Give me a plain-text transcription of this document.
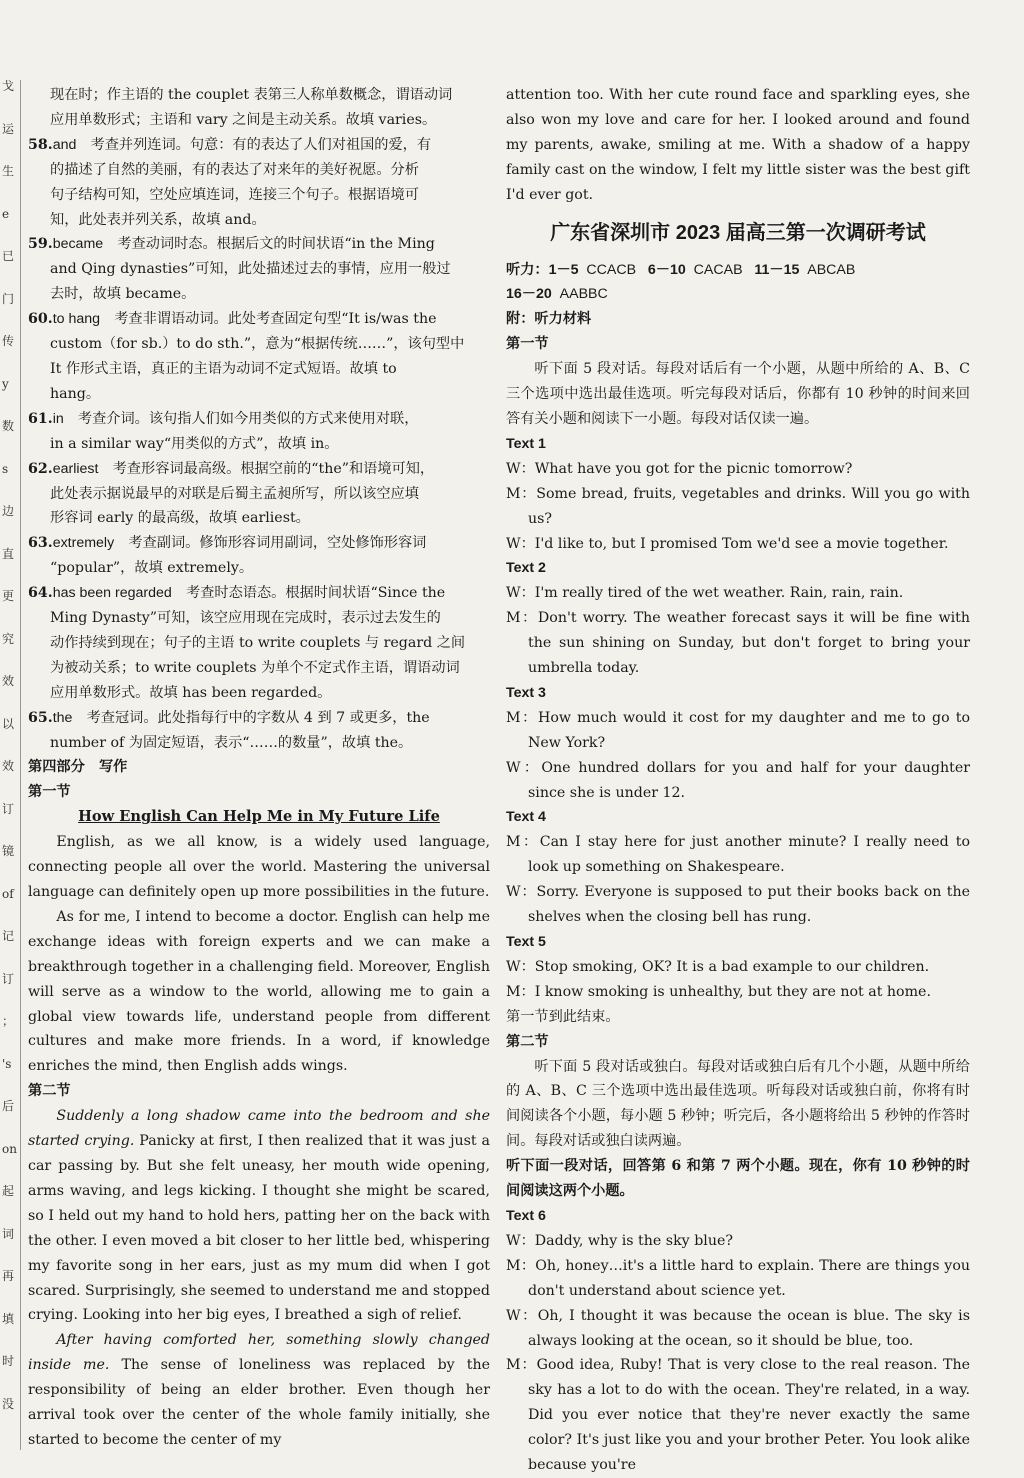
戈
运
生
e
已
门
传
y
数
s
边
直
更
究
效
以
效
订
镜
of
记
订
；
's
后
on
起
词
再
填
时
没

现在时；作主语的 the couplet 表第三人称单数概念，谓语动词
应用单数形式；主语和 vary 之间是主动关系。故填 varies。

58.and　考查并列连词。句意：有的表达了人们对祖国的爱，有
的描述了自然的美丽，有的表达了对来年的美好祝愿。分析
句子结构可知，空处应填连词，连接三个句子。根据语境可
知，此处表并列关系，故填 and。

59.became　考查动词时态。根据后文的时间状语“in the Ming
and Qing dynasties”可知，此处描述过去的事情，应用一般过
去时，故填 became。

60.to hang　考查非谓语动词。此处考查固定句型“It is/was the
custom（for sb.）to do sth.”，意为“根据传统……”，该句型中
It 作形式主语，真正的主语为动词不定式短语。故填 to
hang。

61.in　考查介词。该句指人们如今用类似的方式来使用对联，
in a similar way“用类似的方式”，故填 in。

62.earliest　考查形容词最高级。根据空前的“the”和语境可知，
此处表示据说最早的对联是后蜀主孟昶所写，所以该空应填
形容词 early 的最高级，故填 earliest。

63.extremely　考查副词。修饰形容词用副词，空处修饰形容词
“popular”，故填 extremely。

64.has been regarded　考查时态语态。根据时间状语“Since the
Ming Dynasty”可知，该空应用现在完成时，表示过去发生的
动作持续到现在；句子的主语 to write couplets 与 regard 之间
为被动关系；to write couplets 为单个不定式作主语，谓语动词
应用单数形式。故填 has been regarded。

65.the　考查冠词。此处指每行中的字数从 4 到 7 或更多，the
number of 为固定短语，表示“……的数量”，故填 the。

第四部分　写作

第一节

How English Can Help Me in My Future Life

English, as we all know, is a widely used language, connecting people all over the world. Mastering the universal language can definitely open up more possibilities in the future.

As for me, I intend to become a doctor. English can help me exchange ideas with foreign experts and we can make a breakthrough together in a challenging field. Moreover, English will serve as a window to the world, allowing me to gain a global view towards life, understand people from different cultures and make more friends. In a word, if knowledge enriches the mind, then English adds wings.

第二节

Suddenly a long shadow came into the bedroom and she started crying. Panicky at first, I then realized that it was just a car passing by. But she felt uneasy, her mouth wide opening, arms waving, and legs kicking. I thought she might be scared, so I held out my hand to hold hers, patting her on the back with the other. I even moved a bit closer to her little bed, whispering my favorite song in her ears, just as my mum did when I got scared. Surprisingly, she seemed to understand me and stopped crying. Looking into her big eyes, I breathed a sigh of relief.

After having comforted her, something slowly changed inside me. The sense of loneliness was replaced by the responsibility of being an elder brother. Even though her arrival took over the center of the whole family initially, she started to become the center of my

attention too. With her cute round face and sparkling eyes, she also won my love and care for her. I looked around and found my parents, awake, smiling at me. With a shadow of a happy family cast on the window, I felt my little sister was the best gift I'd ever got.

广东省深圳市 2023 届高三第一次调研考试

听力：1－5 CCACB 6－10 CACAB 11－15 ABCAB
16－20 AABBC

附：听力材料

第一节

听下面 5 段对话。每段对话后有一个小题，从题中所给的 A、B、C 三个选项中选出最佳选项。听完每段对话后，你都有 10 秒钟的时间来回答有关小题和阅读下一小题。每段对话仅读一遍。

Text 1

W：What have you got for the picnic tomorrow?

M：Some bread, fruits, vegetables and drinks. Will you go with us?

W：I'd like to, but I promised Tom we'd see a movie together.

Text 2

W：I'm really tired of the wet weather. Rain, rain, rain.

M：Don't worry. The weather forecast says it will be fine with the sun shining on Sunday, but don't forget to bring your umbrella today.

Text 3

M：How much would it cost for my daughter and me to go to New York?

W：One hundred dollars for you and half for your daughter since she is under 12.

Text 4

M：Can I stay here for just another minute? I really need to look up something on Shakespeare.

W：Sorry. Everyone is supposed to put their books back on the shelves when the closing bell has rung.

Text 5

W：Stop smoking, OK? It is a bad example to our children.

M：I know smoking is unhealthy, but they are not at home.

第一节到此结束。

第二节

听下面 5 段对话或独白。每段对话或独白后有几个小题，从题中所给的 A、B、C 三个选项中选出最佳选项。听每段对话或独白前，你将有时间阅读各个小题，每小题 5 秒钟；听完后，各小题将给出 5 秒钟的作答时间。每段对话或独白读两遍。

听下面一段对话，回答第 6 和第 7 两个小题。现在，你有 10 秒钟的时间阅读这两个小题。

Text 6

W：Daddy, why is the sky blue?

M：Oh, honey…it's a little hard to explain. There are things you don't understand about science yet.

W：Oh, I thought it was because the ocean is blue. The sky is always looking at the ocean, so it should be blue, too.

M：Good idea, Ruby! That is very close to the real reason. The sky has a lot to do with the ocean. They're related, in a way. Did you ever notice that they're never exactly the same color? It's just like you and your brother Peter. You look alike because you're
